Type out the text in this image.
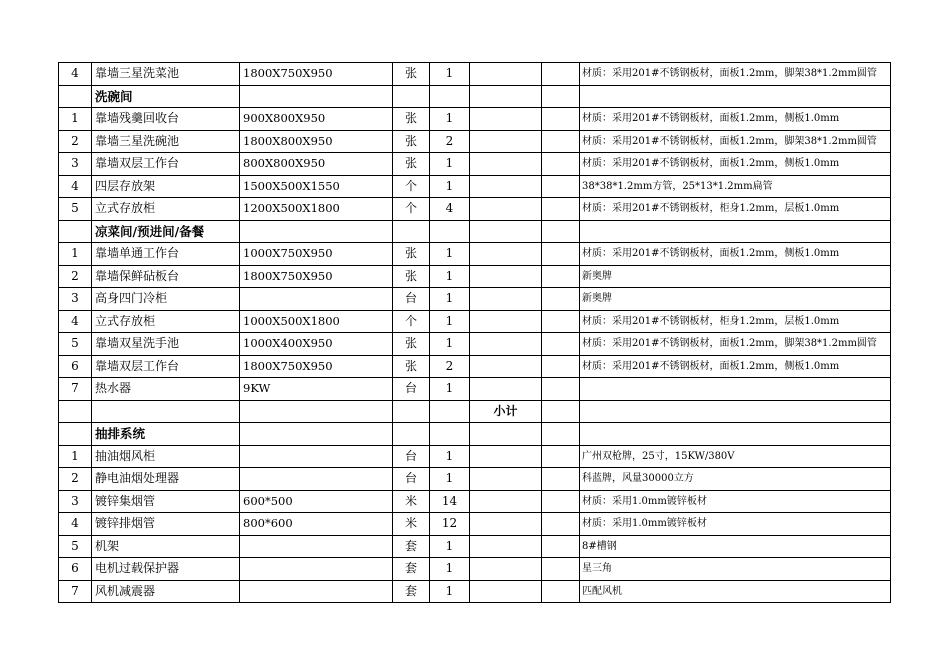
4	靠墙三星洗菜池	1800X750X950	张	1			材质：采用201#不锈钢板材，面板1.2mm，脚架38*1.2mm圆管
	洗碗间						
1	靠墙残羹回收台	900X800X950	张	1			材质：采用201#不锈钢板材，面板1.2mm，侧板1.0mm
2	靠墙三星洗碗池	1800X800X950	张	2			材质：采用201#不锈钢板材，面板1.2mm，脚架38*1.2mm圆管
3	靠墙双层工作台	800X800X950	张	1			材质：采用201#不锈钢板材，面板1.2mm，侧板1.0mm
4	四层存放架	1500X500X1550	个	1			38*38*1.2mm方管，25*13*1.2mm扁管
5	立式存放柜	1200X500X1800	个	4			材质：采用201#不锈钢板材，柜身1.2mm，层板1.0mm
	凉菜间/预进间/备餐						
1	靠墙单通工作台	1000X750X950	张	1			材质：采用201#不锈钢板材，面板1.2mm，侧板1.0mm
2	靠墙保鲜砧板台	1800X750X950	张	1			新奥牌
3	高身四门冷柜		台	1			新奥牌
4	立式存放柜	1000X500X1800	个	1			材质：采用201#不锈钢板材，柜身1.2mm，层板1.0mm
5	靠墙双星洗手池	1000X400X950	张	1			材质：采用201#不锈钢板材，面板1.2mm，脚架38*1.2mm圆管
6	靠墙双层工作台	1800X750X950	张	2			材质：采用201#不锈钢板材，面板1.2mm，侧板1.0mm
7	热水器	9KW	台	1			
					小计		
	抽排系统						
1	抽油烟风柜		台	1			广州双枪牌，25寸，15KW/380V
2	静电油烟处理器		台	1			科蓝牌，风量30000立方
3	镀锌集烟管	600*500	米	14			材质：采用1.0mm镀锌板材
4	镀锌排烟管	800*600	米	12			材质：采用1.0mm镀锌板材
5	机架		套	1			8#槽钢
6	电机过载保护器		套	1			星三角
7	风机减震器		套	1			匹配风机
